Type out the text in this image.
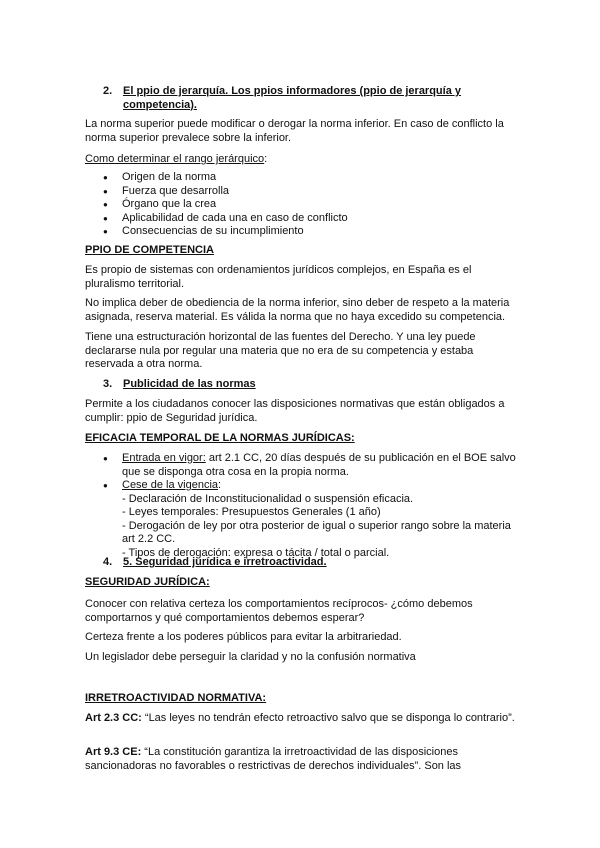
2. El ppio de jerarquía. Los ppios informadores (ppio de jerarquía y competencia).

La norma superior puede modificar o derogar la norma inferior. En caso de conflicto la norma superior prevalece sobre la inferior.

Como determinar el rango jerárquico:

● Origen de la norma
● Fuerza que desarrolla
● Órgano que la crea
● Aplicabilidad de cada una en caso de conflicto
● Consecuencias de su incumplimiento

PPIO DE COMPETENCIA

Es propio de sistemas con ordenamientos jurídicos complejos, en España es el pluralismo territorial.

No implica deber de obediencia de la norma inferior, sino deber de respeto a la materia asignada, reserva material. Es válida la norma que no haya excedido su competencia.

Tiene una estructuración horizontal de las fuentes del Derecho. Y una ley puede declararse nula por regular una materia que no era de su competencia y estaba reservada a otra norma.

3. Publicidad de las normas

Permite a los ciudadanos conocer las disposiciones normativas que están obligados a cumplir: ppio de Seguridad jurídica.

EFICACIA TEMPORAL DE LA NORMAS JURÍDICAS:

● Entrada en vigor: art 2.1 CC, 20 días después de su publicación en el BOE salvo que se disponga otra cosa en la propia norma.
● Cese de la vigencia:

- Declaración de Inconstitucionalidad o suspensión eficacia.

- Leyes temporales: Presupuestos Generales (1 año)

- Derogación de ley por otra posterior de igual o superior rango sobre la materia art 2.2 CC.

- Tipos de derogación: expresa o tácita / total o parcial.

4. 5. Seguridad jurídica e irretroactividad.

SEGURIDAD JURÍDICA:

Conocer con relativa certeza los comportamientos recíprocos- ¿cómo debemos comportarnos y qué comportamientos debemos esperar?

Certeza frente a los poderes públicos para evitar la arbitrariedad.

Un legislador debe perseguir la claridad y no la confusión normativa

IRRETROACTIVIDAD NORMATIVA:

Art 2.3 CC: “Las leyes no tendrán efecto retroactivo salvo que se disponga lo contrario”.

Art 9.3 CE: “La constitución garantiza la irretroactividad de las disposiciones sancionadoras no favorables o restrictivas de derechos individuales”. Son las
